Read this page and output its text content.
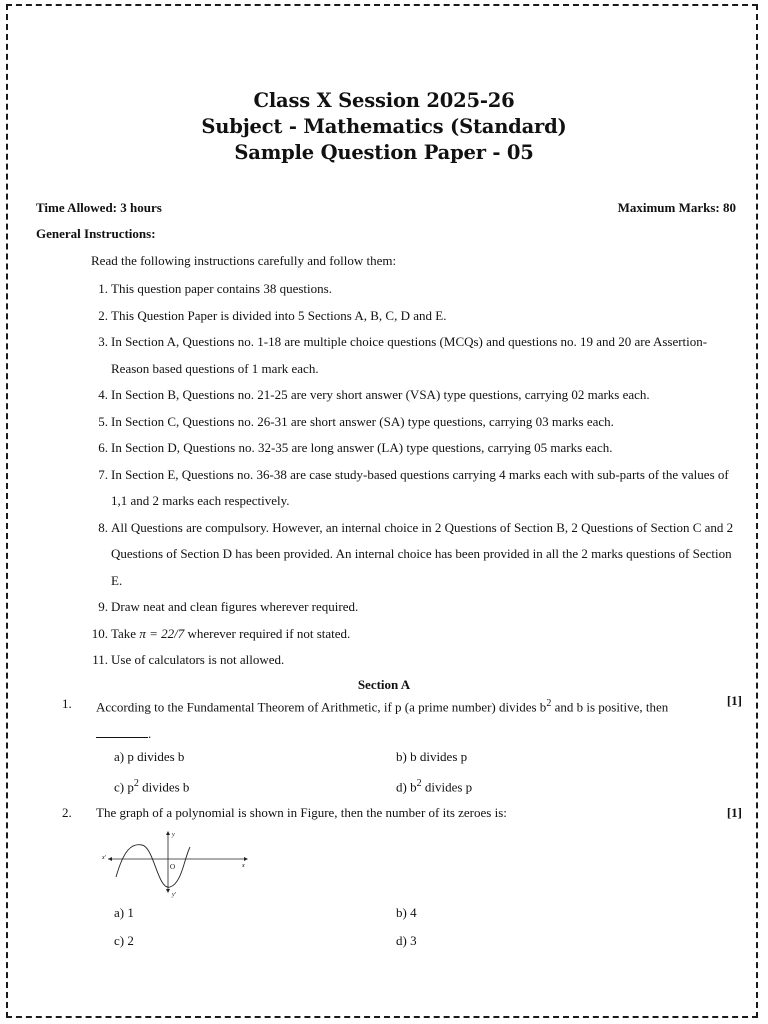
Class X Session 2025-26
Subject - Mathematics (Standard)
Sample Question Paper - 05
Time Allowed: 3 hours	Maximum Marks: 80
General Instructions:
Read the following instructions carefully and follow them:
1. This question paper contains 38 questions.
2. This Question Paper is divided into 5 Sections A, B, C, D and E.
3. In Section A, Questions no. 1-18 are multiple choice questions (MCQs) and questions no. 19 and 20 are Assertion-Reason based questions of 1 mark each.
4. In Section B, Questions no. 21-25 are very short answer (VSA) type questions, carrying 02 marks each.
5. In Section C, Questions no. 26-31 are short answer (SA) type questions, carrying 03 marks each.
6. In Section D, Questions no. 32-35 are long answer (LA) type questions, carrying 05 marks each.
7. In Section E, Questions no. 36-38 are case study-based questions carrying 4 marks each with sub-parts of the values of 1,1 and 2 marks each respectively.
8. All Questions are compulsory. However, an internal choice in 2 Questions of Section B, 2 Questions of Section C and 2 Questions of Section D has been provided. An internal choice has been provided in all the 2 marks questions of Section E.
9. Draw neat and clean figures wherever required.
10. Take π = 22/7 wherever required if not stated.
11. Use of calculators is not allowed.
Section A
1. According to the Fundamental Theorem of Arithmetic, if p (a prime number) divides $b^2$ and b is positive, then .
[1]
a) p divides b	b) b divides p
c) $p^2$ divides b	d) $b^2$ divides p
2. The graph of a polynomial is shown in Figure, then the number of its zeroes is:	[1]
x'
x
y
y'
O
a) 1	b) 4
c) 2	d) 3
